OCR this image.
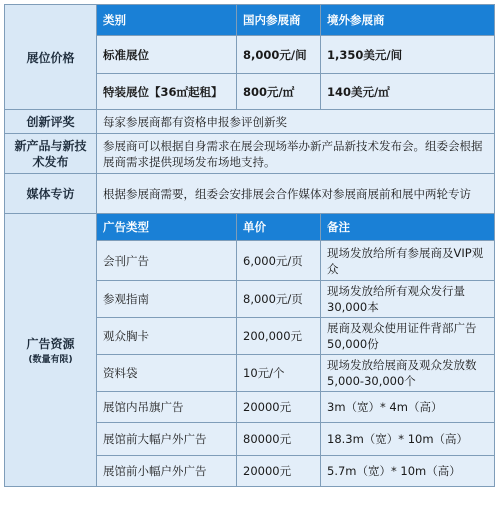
展位价格	类别	国内参展商	境外参展商
	标准展位	8,000元/间	1,350美元/间
	特装展位【36㎡起租】	800元/㎡	140美元/㎡
创新评奖	每家参展商都有资格申报参评创新奖		
新产品与新技术发布	参展商可以根据自身需求在展会现场举办新产品新技术发布会。组委会根据展商需求提供现场发布场地支持。		
媒体专访	根据参展商需要，组委会安排展会合作媒体对参展商展前和展中两轮专访		
广告资源
(数量有限)	广告类型	单价	备注
	会刊广告	6,000元/页	现场发放给所有参展商及VIP观众
	参观指南	8,000元/页	现场发放给所有观众发行量30,000本
	观众胸卡	200,000元	展商及观众使用证件背部广告50,000份
	资料袋	10元/个	现场发放给展商及观众发放数5,000-30,000个
	展馆内吊旗广告	20000元	3m（宽）* 4m（高）
	展馆前大幅户外广告	80000元	18.3m（宽）* 10m（高）
	展馆前小幅户外广告	20000元	5.7m（宽）* 10m（高）
